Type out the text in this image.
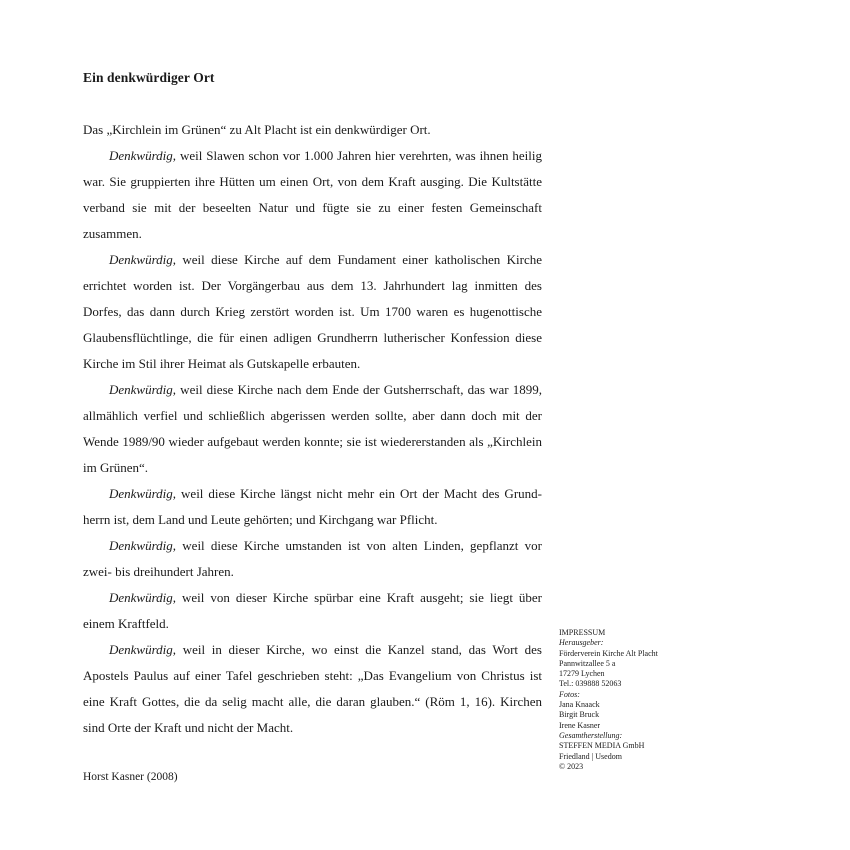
Ein denkwürdiger Ort

Das „Kirchlein im Grünen“ zu Alt Placht ist ein denkwürdiger Ort.

Denkwürdig, weil Slawen schon vor 1.000 Jahren hier verehrten, was ihnen heilig war. Sie gruppierten ihre Hütten um einen Ort, von dem Kraft ausging. Die Kultstätte verband sie mit der beseelten Natur und fügte sie zu einer festen Gemeinschaft zusammen.

Denkwürdig, weil diese Kirche auf dem Fundament einer katholischen Kirche errichtet worden ist. Der Vorgängerbau aus dem 13. Jahrhundert lag inmitten des Dorfes, das dann durch Krieg zerstört worden ist. Um 1700 waren es hugenottische Glaubensflüchtlinge, die für einen adligen Grundherrn lutherischer Konfession diese Kirche im Stil ihrer Heimat als Gutskapelle erbauten.

Denkwürdig, weil diese Kirche nach dem Ende der Gutsherrschaft, das war 1899, allmählich verfiel und schließlich abgerissen werden sollte, aber dann doch mit der Wende 1989/90 wieder aufgebaut werden konnte; sie ist wiedererstanden als „Kirchlein im Grünen“.

Denkwürdig, weil diese Kirche längst nicht mehr ein Ort der Macht des Grundherrn ist, dem Land und Leute gehörten; und Kirchgang war Pflicht.

Denkwürdig, weil diese Kirche umstanden ist von alten Linden, gepflanzt vor zwei- bis dreihundert Jahren.

Denkwürdig, weil von dieser Kirche spürbar eine Kraft ausgeht; sie liegt über einem Kraftfeld.

Denkwürdig, weil in dieser Kirche, wo einst die Kanzel stand, das Wort des Apostels Paulus auf einer Tafel geschrieben steht: „Das Evangelium von Christus ist eine Kraft Gottes, die da selig macht alle, die daran glauben.“ (Röm 1, 16). Kirchen sind Orte der Kraft und nicht der Macht.

Horst Kasner (2008)
IMPRESSUM
Herausgeber:
Förderverein Kirche Alt Placht
Pannwitzallee 5 a
17279 Lychen
Tel.: 039888 52063
Fotos:
Jana Knaack
Birgit Bruck
Irene Kasner
Gesamtherstellung:
STEFFEN MEDIA GmbH
Friedland | Usedom
© 2023
